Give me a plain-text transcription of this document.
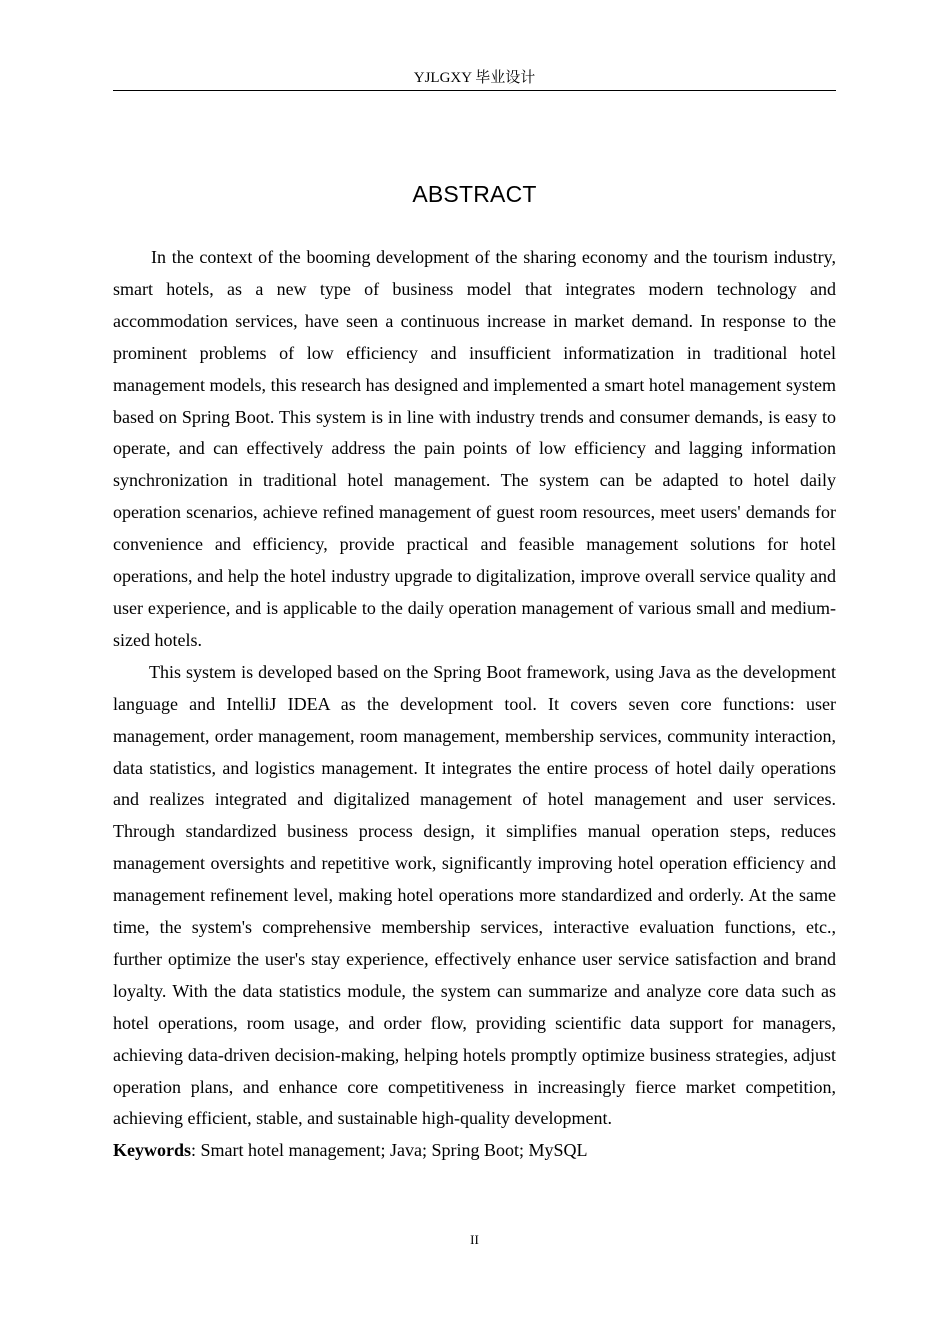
YJLGXY 毕业设计
ABSTRACT

In the context of the booming development of the sharing economy and the tourism industry, smart hotels, as a new type of business model that integrates modern technology and accommodation services, have seen a continuous increase in market demand. In response to the prominent problems of low efficiency and insufficient informatization in traditional hotel management models, this research has designed and implemented a smart hotel management system based on Spring Boot. This system is in line with industry trends and consumer demands, is easy to operate, and can effectively address the pain points of low efficiency and lagging information synchronization in traditional hotel management. The system can be adapted to hotel daily operation scenarios, achieve refined management of guest room resources, meet users' demands for convenience and efficiency, provide practical and feasible management solutions for hotel operations, and help the hotel industry upgrade to digitalization, improve overall service quality and user experience, and is applicable to the daily operation management of various small and medium-sized hotels.

This system is developed based on the Spring Boot framework, using Java as the development language and IntelliJ IDEA as the development tool. It covers seven core functions: user management, order management, room management, membership services, community interaction, data statistics, and logistics management. It integrates the entire process of hotel daily operations and realizes integrated and digitalized management of hotel management and user services. Through standardized business process design, it simplifies manual operation steps, reduces management oversights and repetitive work, significantly improving hotel operation efficiency and management refinement level, making hotel operations more standardized and orderly. At the same time, the system's comprehensive membership services, interactive evaluation functions, etc., further optimize the user's stay experience, effectively enhance user service satisfaction and brand loyalty. With the data statistics module, the system can summarize and analyze core data such as hotel operations, room usage, and order flow, providing scientific data support for managers, achieving data-driven decision-making, helping hotels promptly optimize business strategies, adjust operation plans, and enhance core competitiveness in increasingly fierce market competition, achieving efficient, stable, and sustainable high-quality development.

Keywords: Smart hotel management; Java; Spring Boot; MySQL

II
